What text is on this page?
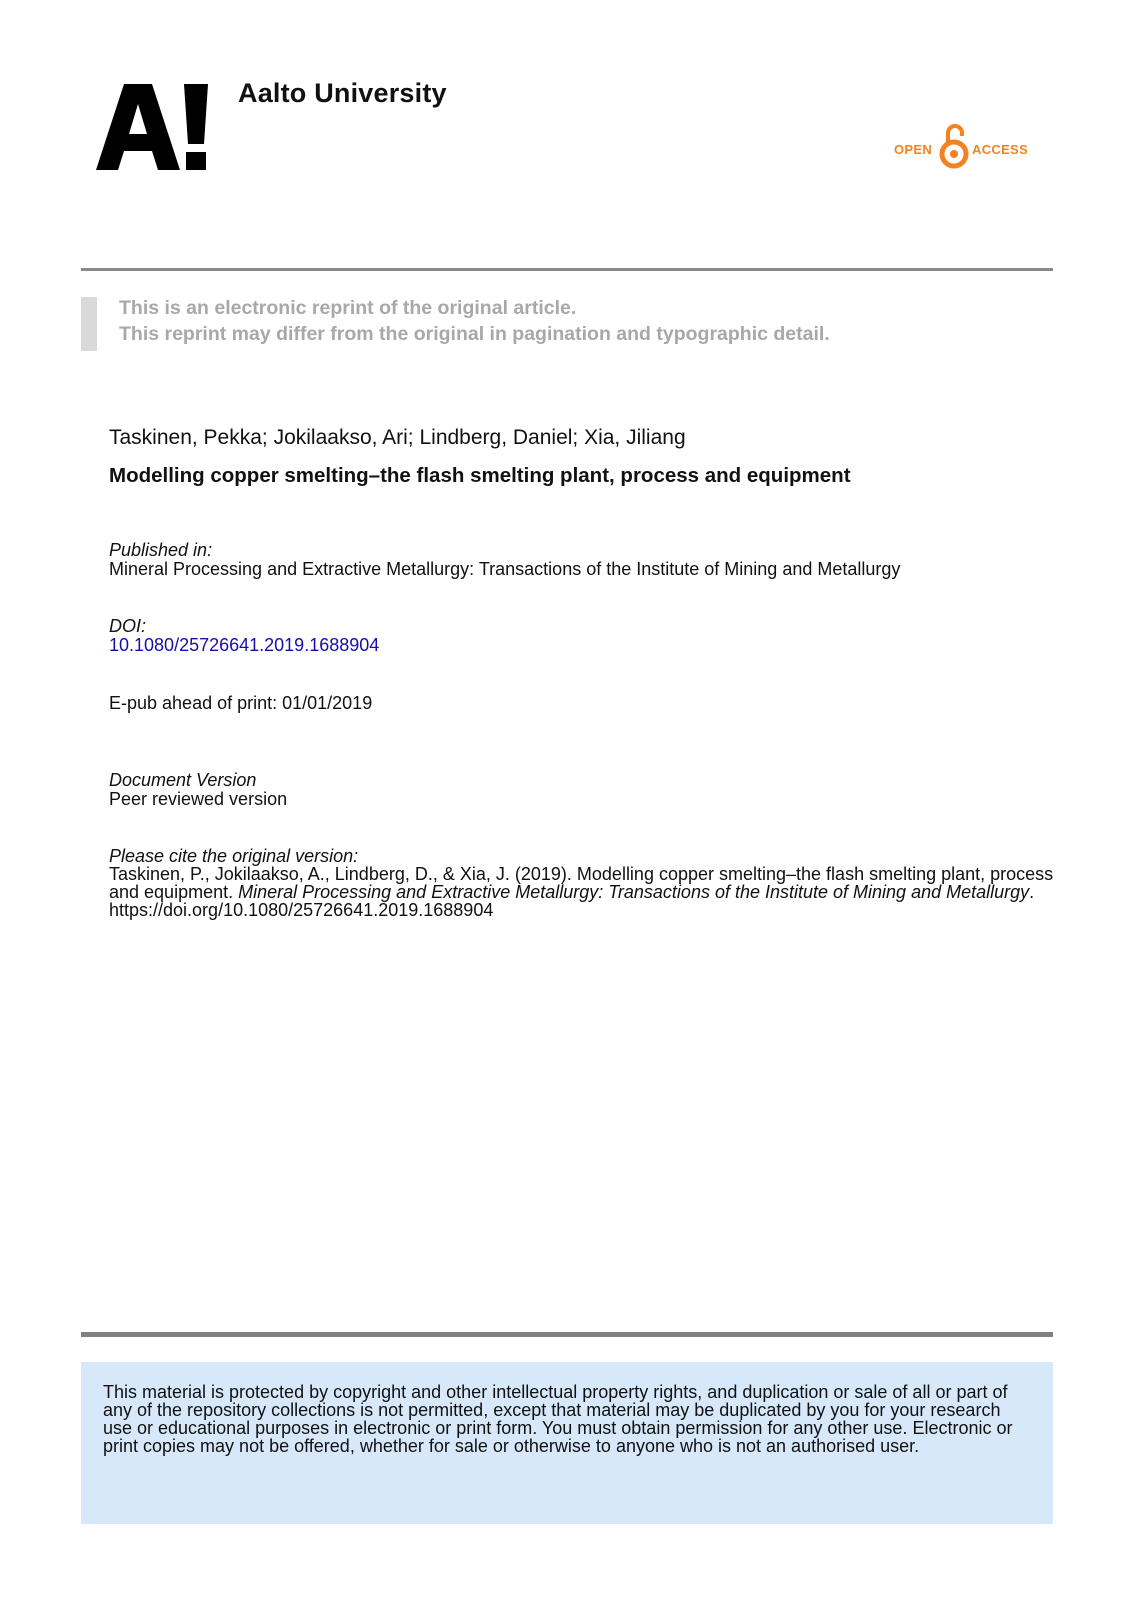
Aalto University
OPEN	ACCESS
This is an electronic reprint of the original article.
This reprint may differ from the original in pagination and typographic detail.
Taskinen, Pekka; Jokilaakso, Ari; Lindberg, Daniel; Xia, Jiliang
Modelling copper smelting–the flash smelting plant, process and equipment
Published in:
Mineral Processing and Extractive Metallurgy: Transactions of the Institute of Mining and Metallurgy
DOI:
10.1080/25726641.2019.1688904
E-pub ahead of print: 01/01/2019
Document Version
Peer reviewed version
Please cite the original version:
Taskinen, P., Jokilaakso, A., Lindberg, D., & Xia, J. (2019). Modelling copper smelting–the flash smelting plant, process and equipment. Mineral Processing and Extractive Metallurgy: Transactions of the Institute of Mining and Metallurgy. https://doi.org/10.1080/25726641.2019.1688904
This material is protected by copyright and other intellectual property rights, and duplication or sale of all or part of any of the repository collections is not permitted, except that material may be duplicated by you for your research use or educational purposes in electronic or print form. You must obtain permission for any other use. Electronic or print copies may not be offered, whether for sale or otherwise to anyone who is not an authorised user.
